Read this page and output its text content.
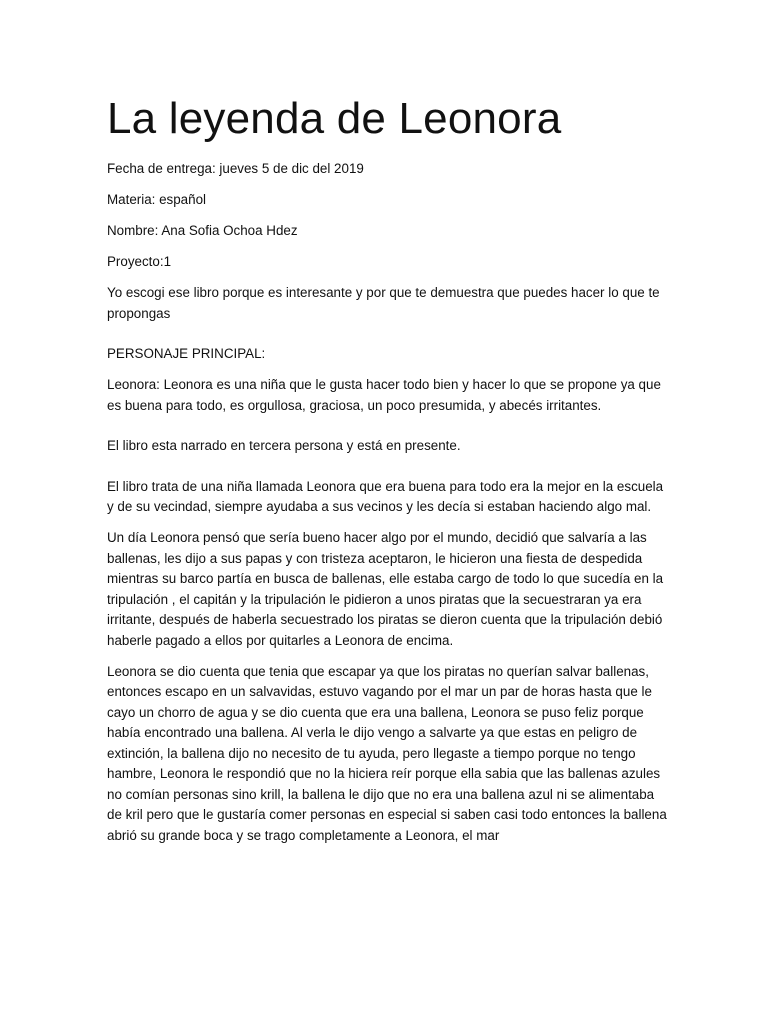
La leyenda de Leonora

Fecha de entrega: jueves 5 de dic del 2019

Materia: español

Nombre: Ana Sofia Ochoa Hdez

Proyecto:1

Yo escogi ese libro porque es interesante y por que te demuestra que puedes hacer lo que te propongas

PERSONAJE PRINCIPAL:

Leonora: Leonora es una niña que le gusta hacer todo bien y hacer lo que se propone ya que es buena para todo, es orgullosa, graciosa, un poco presumida, y abecés irritantes.

El libro esta narrado en tercera persona y está en presente.

El libro trata de una niña llamada Leonora que era buena para todo era la mejor en la escuela y de su vecindad, siempre ayudaba a sus vecinos y les decía si estaban haciendo algo mal.

Un día Leonora pensó que sería bueno hacer algo por el mundo, decidió que salvaría a las ballenas, les dijo a sus papas y con tristeza aceptaron, le hicieron una fiesta de despedida mientras su barco partía en busca de ballenas, elle estaba cargo de todo lo que sucedía en la tripulación , el capitán y la tripulación le pidieron a unos piratas que la secuestraran ya era irritante, después de haberla secuestrado los piratas se dieron cuenta que la tripulación debió haberle pagado a ellos por quitarles a Leonora de encima.

Leonora se dio cuenta que tenia que escapar ya que los piratas no querían salvar ballenas, entonces escapo en un salvavidas, estuvo vagando por el mar un par de horas hasta que le cayo un chorro de agua y se dio cuenta que era una ballena, Leonora se puso feliz porque había encontrado una ballena. Al verla le dijo vengo a salvarte ya que estas en peligro de extinción, la ballena dijo no necesito de tu ayuda, pero llegaste a tiempo porque no tengo hambre, Leonora le respondió que no la hiciera reír porque ella sabia que las ballenas azules no comían personas sino krill, la ballena le dijo que no era una ballena azul ni se alimentaba de kril pero que le gustaría comer personas en especial si saben casi todo entonces la ballena abrió su grande boca y se trago completamente a Leonora, el mar
